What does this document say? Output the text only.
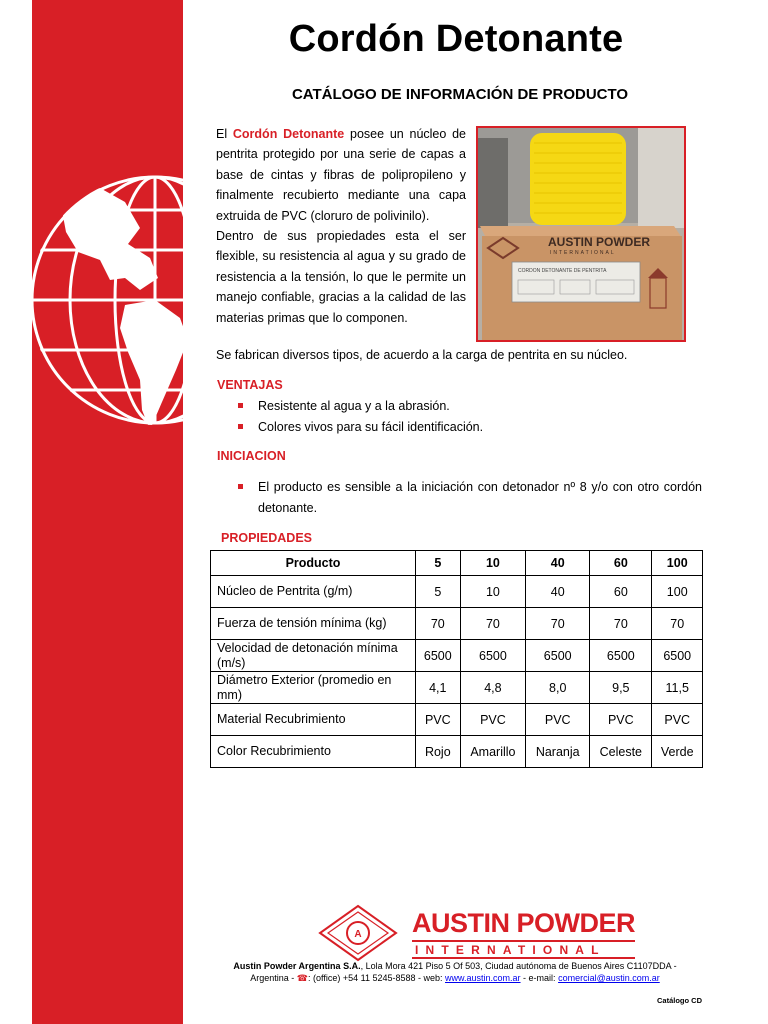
Cordón Detonante
CATÁLOGO DE INFORMACIÓN DE PRODUCTO

El Cordón Detonante posee un núcleo de pentrita protegido por una serie de capas a base de cintas y fibras de polipropileno y finalmente recubierto mediante una capa extruida de PVC (cloruro de polivinilo).

Dentro de sus propiedades esta el ser flexible, su resistencia al agua y su grado de resistencia a la tensión, lo que le permite un manejo confiable, gracias a la calidad de las materias primas que lo componen.

AUSTIN POWDER
INTERNATIONAL
CORDON DETONANTE DE PENTRITA
Se fabrican diversos tipos, de acuerdo a la carga de pentrita en su núcleo.
VENTAJAS
Resistente al agua y a la abrasión.
Colores vivos para su fácil identificación.
INICIACION
El producto es sensible a la iniciación con detonador nº 8 y/o con otro cordón detonante.
PROPIEDADES
Producto	5	10	40	60	100
Núcleo de Pentrita (g/m)	5	10	40	60	100
Fuerza de tensión mínima (kg)	70	70	70	70	70
Velocidad de detonación mínima (m/s)	6500	6500	6500	6500	6500
Diámetro Exterior (promedio en mm)	4,1	4,8	8,0	9,5	11,5
Material Recubrimiento	PVC	PVC	PVC	PVC	PVC
Color Recubrimiento	Rojo	Amarillo	Naranja	Celeste	Verde
A AUSTIN POWDER
INTERNATIONAL
Austin Powder Argentina S.A., Lola Mora 421 Piso 5 Of 503, Ciudad autónoma de Buenos Aires C1107DDA -
Argentina - ☎: (office) +54 11 5245-8588 - web: www.austin.com.ar - e-mail: comercial@austin.com.ar
Catálogo CD
